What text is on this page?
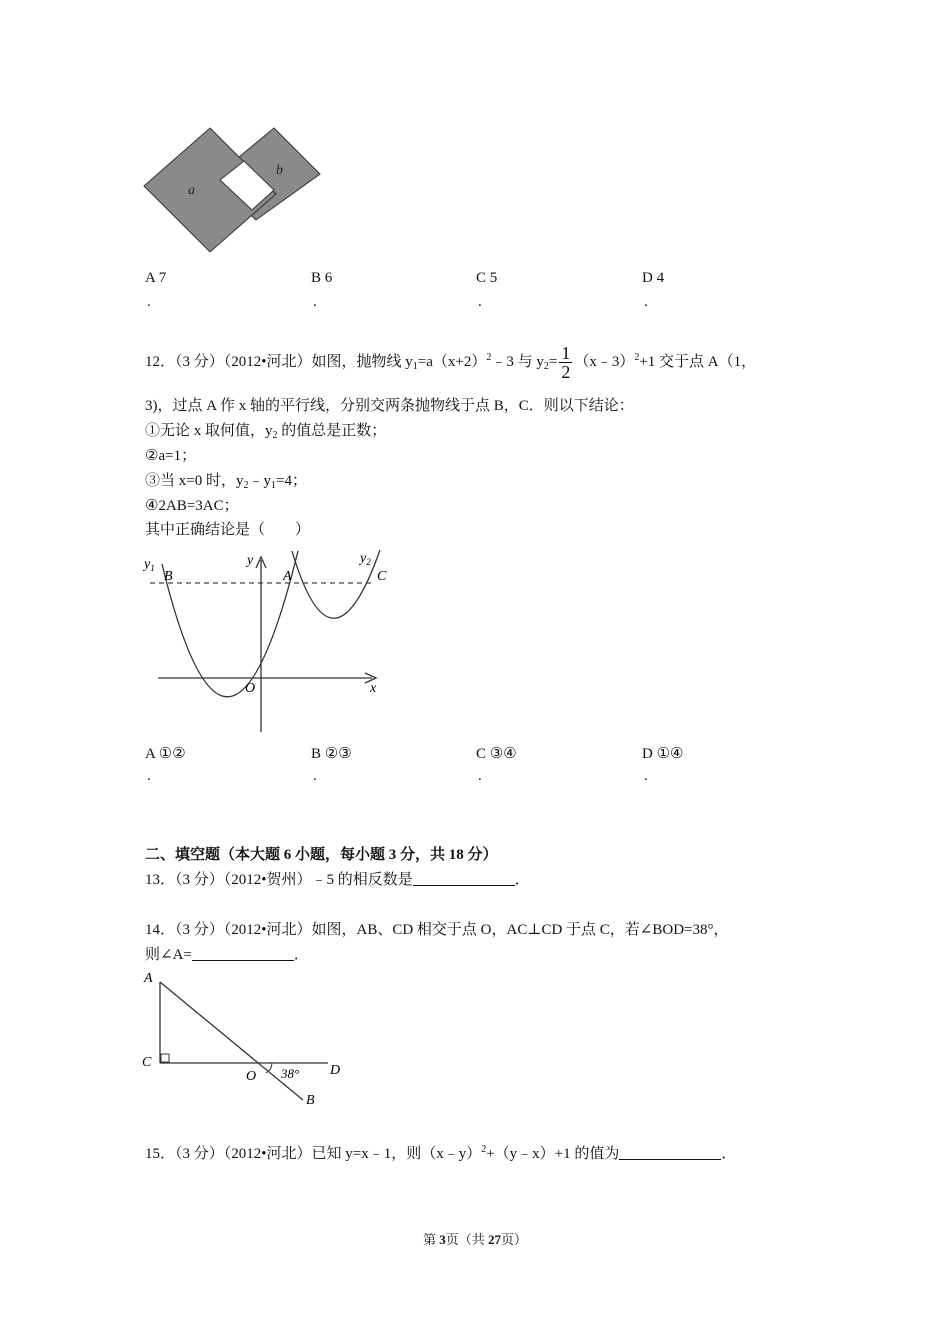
a
b
A 7
.
B 6
.
C 5
.
D 4
.
12．（3 分）（2012•河北）如图，抛物线 $y_1=a(x+2)^2﹣3$ 与 $y_2= \frac{1}{2}$ （x﹣3）$^2$+1 交于点 A（1，
3)，过点 A 作 x 轴的平行线，分别交两条抛物线于点 B，C．则以下结论：
①无论 x 取何值，$y_2$ 的值总是正数；
②a=1；
③当 x=0 时，$y_2﹣y_1=4$；
④2AB=3AC；
其中正确结论是（　　）
$y_1$
B
y
A
$y_2$
C
O	x
A ①②
.
B ②③
.
C ③④
.
D ①④
.
二、填空题（本大题 6 小题，每小题 3 分，共 18 分）
13．（3 分）（2012•贺州）﹣5 的相反数是	．
14．（3 分）（2012•河北）如图，AB、CD 相交于点 O，AC⊥CD 于点 C，若∠BOD=38°，
则∠A=	．
A
C
O 38° D
B
15．（3 分）（2012•河北）已知 y=x﹣1，则（x﹣y）$^2$+（y﹣x）+1 的值为	．
第 3页（共 27页）
